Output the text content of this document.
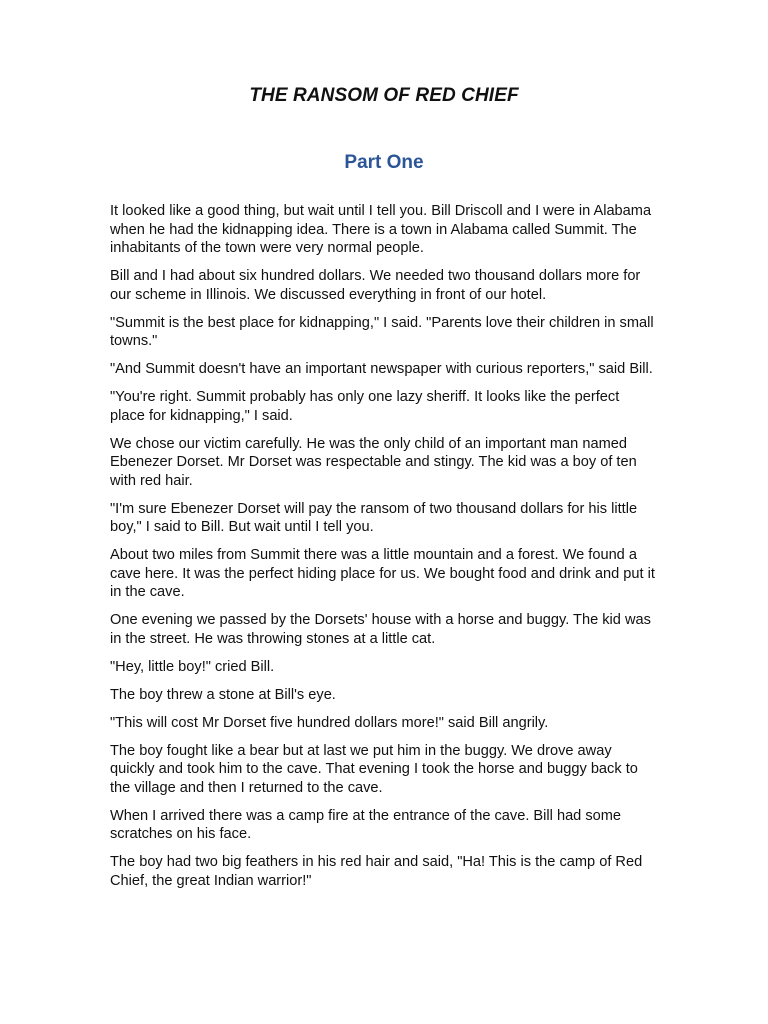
THE RANSOM OF RED CHIEF
Part One

It looked like a good thing, but wait until I tell you. Bill Driscoll and I were in Alabama when he had the kidnapping idea. There is a town in Alabama called Summit. The inhabitants of the town were very normal people.

Bill and I had about six hundred dollars. We needed two thousand dollars more for our scheme in Illinois. We discussed everything in front of our hotel.

"Summit is the best place for kidnapping," I said. "Parents love their children in small towns."

"And Summit doesn't have an important newspaper with curious reporters," said Bill.

"You're right. Summit probably has only one lazy sheriff. It looks like the perfect place for kidnapping," I said.

We chose our victim carefully. He was the only child of an important man named Ebenezer Dorset. Mr Dorset was respectable and stingy. The kid was a boy of ten with red hair.

"I'm sure Ebenezer Dorset will pay the ransom of two thousand dollars for his little boy," I said to Bill. But wait until I tell you.

About two miles from Summit there was a little mountain and a forest. We found a cave here. It was the perfect hiding place for us. We bought food and drink and put it in the cave.

One evening we passed by the Dorsets' house with a horse and buggy. The kid was in the street. He was throwing stones at a little cat.

"Hey, little boy!" cried Bill.

The boy threw a stone at Bill's eye.

"This will cost Mr Dorset five hundred dollars more!" said Bill angrily.

The boy fought like a bear but at last we put him in the buggy. We drove away quickly and took him to the cave. That evening I took the horse and buggy back to the village and then I returned to the cave.

When I arrived there was a camp fire at the entrance of the cave. Bill had some scratches on his face.

The boy had two big feathers in his red hair and said, "Ha! This is the camp of Red Chief, the great Indian warrior!"
